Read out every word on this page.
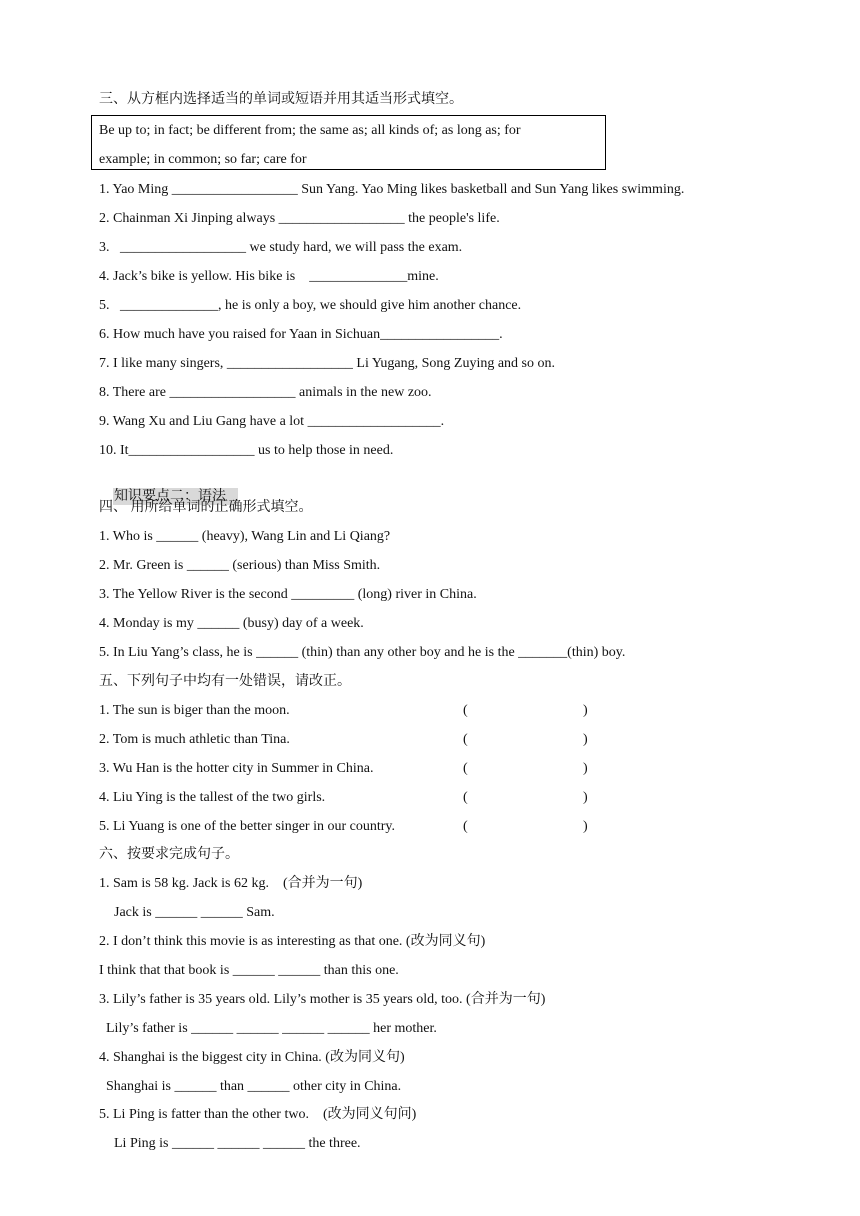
三、从方框内选择适当的单词或短语并用其适当形式填空。
Be up to; in fact; be different from; the same as; all kinds of; as long as; for
example; in common; so far; care for
1. Yao Ming __________________ Sun Yang. Yao Ming likes basketball and Sun Yang likes swimming.
2. Chainman Xi Jinping always __________________ the people's life.
3.   __________________ we study hard, we will pass the exam.
4. Jack’s bike is yellow. His bike is    ______________mine.
5.   ______________, he is only a boy, we should give him another chance.
6. How much have you raised for Yaan in Sichuan_________________.
7. I like many singers, __________________ Li Yugang, Song Zuying and so on.
8. There are __________________ animals in the new zoo.
9. Wang Xu and Liu Gang have a lot ___________________.
10. It__________________ us to help those in need.

知识要点二：语法

四、 用所给单词的正确形式填空。
1. Who is ______ (heavy), Wang Lin and Li Qiang?
2. Mr. Green is ______ (serious) than Miss Smith.
3. The Yellow River is the second _________ (long) river in China.
4. Monday is my ______ (busy) day of a week.
5. In Liu Yang’s class, he is ______ (thin) than any other boy and he is the _______(thin) boy.
五、下列句子中均有一处错误，请改正。
1. The sun is biger than the moon.	(	)
2. Tom is much athletic than Tina.	(	)
3. Wu Han is the hotter city in Summer in China.	(	)
4. Liu Ying is the tallest of the two girls.	(	)
5. Li Yuang is one of the better singer in our country.	(	)
六、按要求完成句子。
1. Sam is 58 kg. Jack is 62 kg.    (合并为一句)
Jack is ______ ______ Sam.
2. I don’t think this movie is as interesting as that one. (改为同义句)
I think that that book is ______ ______ than this one.
3. Lily’s father is 35 years old. Lily’s mother is 35 years old, too. (合并为一句)
Lily’s father is ______ ______ ______ ______ her mother.
4. Shanghai is the biggest city in China. (改为同义句)
Shanghai is ______ than ______ other city in China.
5. Li Ping is fatter than the other two.    (改为同义句问)
Li Ping is ______ ______ ______ the three.
